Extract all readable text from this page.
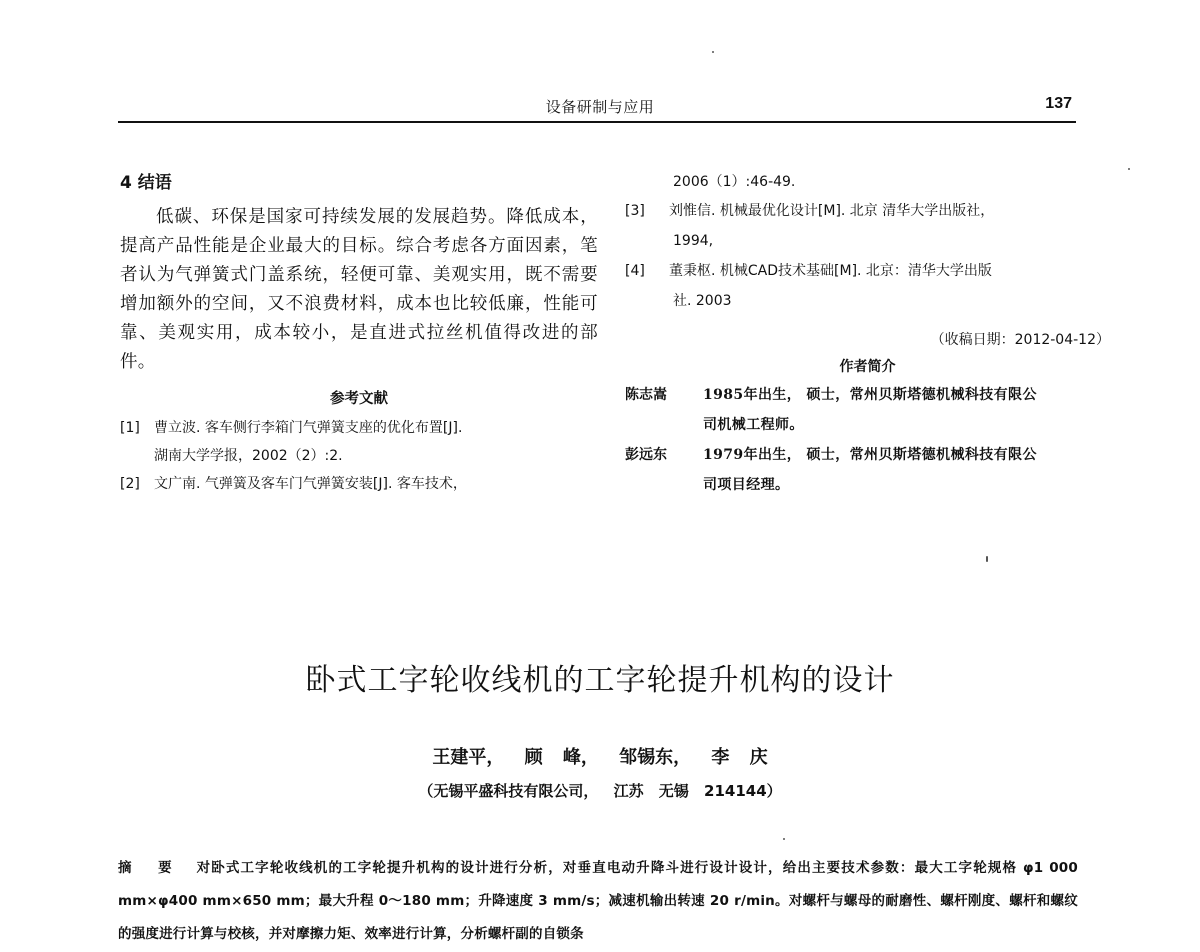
设备研制与应用	137
4 结语

低碳、环保是国家可持续发展的发展趋势。降低成本，提高产品性能是企业最大的目标。综合考虑各方面因素，笔者认为气弹簧式门盖系统，轻便可靠、美观实用，既不需要增加额外的空间，又不浪费材料，成本也比较低廉，性能可靠、美观实用，成本较小，是直进式拉丝机值得改进的部件。

参考文献
[1]	曹立波. 客车侧行李箱门气弹簧支座的优化布置[J].
湖南大学学报，2002（2）:2.
[2]	文广南. 气弹簧及客车门气弹簧安装[J]. 客车技术，
2006（1）:46-49.
[3]	刘惟信. 机械最优化设计[M]. 北京 清华大学出版社，
1994,
[4]	董秉枢. 机械CAD技术基础[M]. 北京：清华大学出版
社. 2003
（收稿日期：2012-04-12）
作者简介
陈志嵩	1985年出生， 硕士，常州贝斯塔德机械科技有限公
司机械工程师。
彭远东	1979年出生， 硕士，常州贝斯塔德机械科技有限公
司项目经理。
卧式工字轮收线机的工字轮提升机构的设计
王建平， 顾 峰， 邹锡东， 李 庆
（无锡平盛科技有限公司， 江苏 无锡 214144）
摘 要 对卧式工字轮收线机的工字轮提升机构的设计进行分析，对垂直电动升降斗进行设计设计，给出主要技术参数：最大工字轮规格 φ1 000 mm×φ400 mm×650 mm；最大升程 0～180 mm；升降速度 3 mm/s；减速机输出转速 20 r/min。对螺杆与螺母的耐磨性、螺杆刚度、螺杆和螺纹的强度进行计算与校核，并对摩擦力矩、效率进行计算，分析螺杆副的自锁条
